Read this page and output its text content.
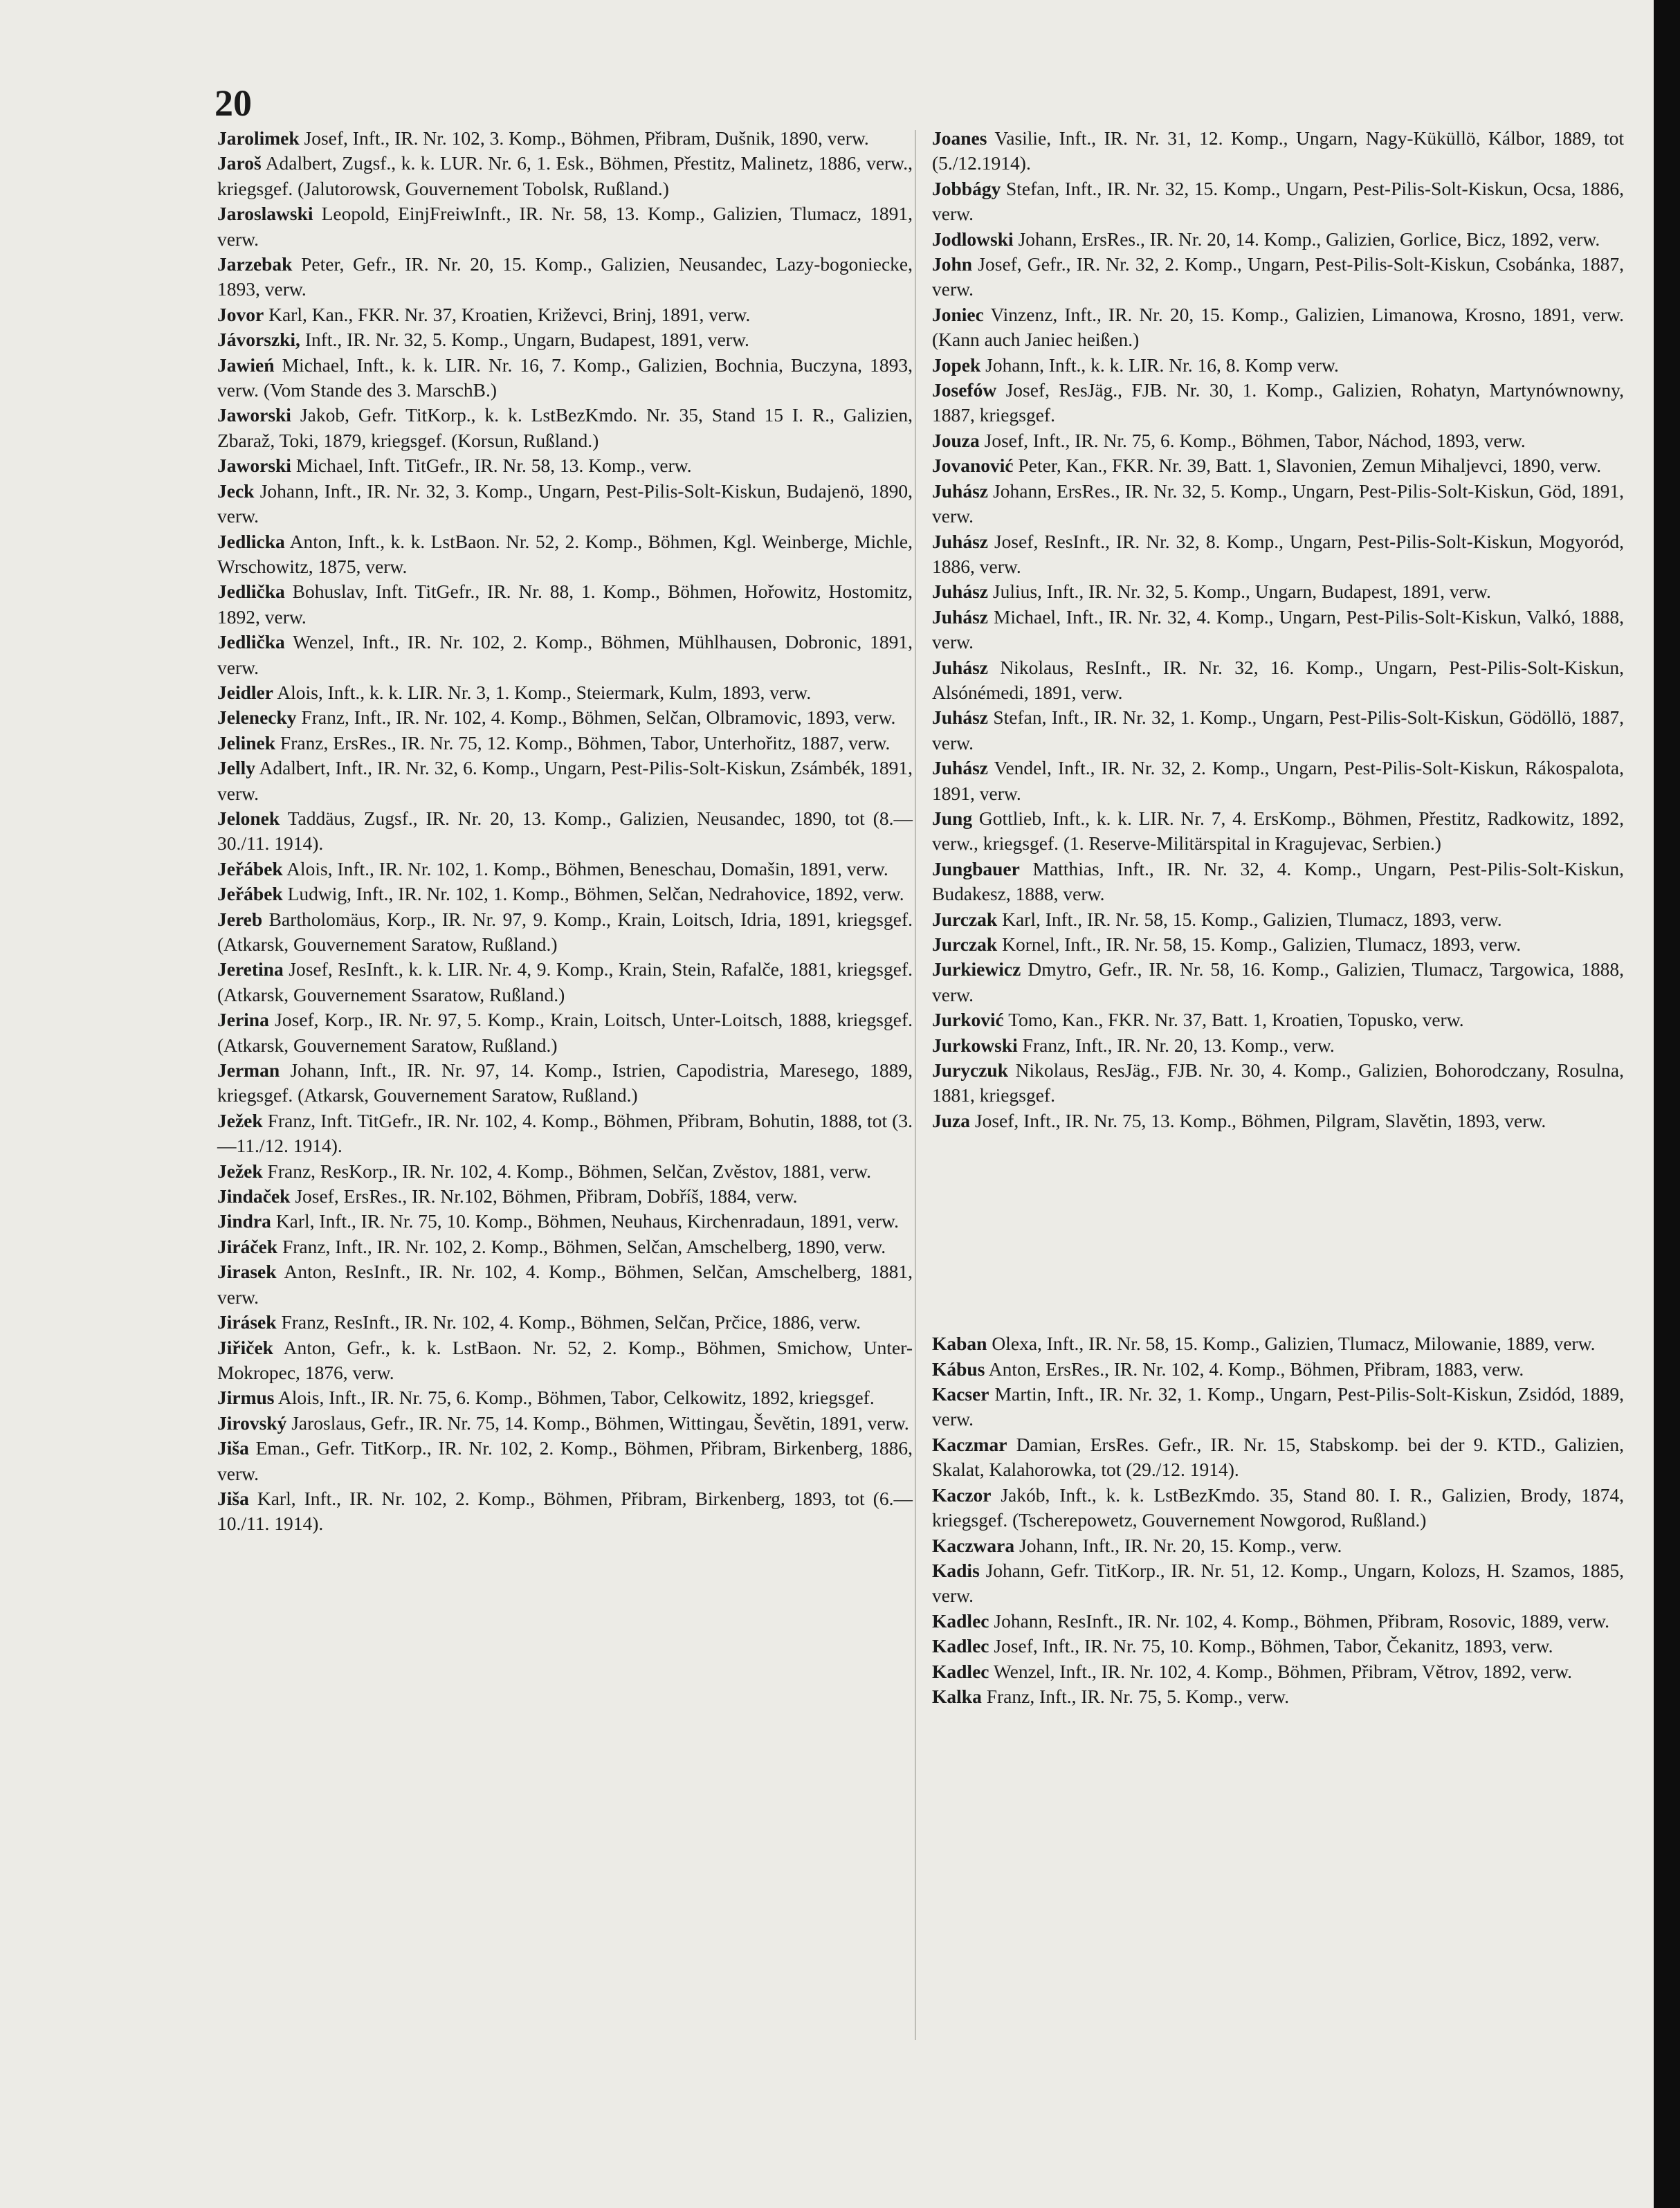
20

Jarolimek Josef, Inft., IR. Nr. 102, 3. Komp., Böhmen, Přibram, Dušnik, 1890, verw.

Jaroš Adalbert, Zugsf., k. k. LUR. Nr. 6, 1. Esk., Böhmen, Přestitz, Malinetz, 1886, verw., kriegsgef. (Jalutorowsk, Gouvernement Tobolsk, Rußland.)

Jaroslawski Leopold, EinjFreiwInft., IR. Nr. 58, 13. Komp., Galizien, Tlumacz, 1891, verw.

Jarzebak Peter, Gefr., IR. Nr. 20, 15. Komp., Galizien, Neusandec, Lazy-bogoniecke, 1893, verw.

Jovor Karl, Kan., FKR. Nr. 37, Kroatien, Križevci, Brinj, 1891, verw.

Jávorszki, Inft., IR. Nr. 32, 5. Komp., Ungarn, Budapest, 1891, verw.

Jawień Michael, Inft., k. k. LIR. Nr. 16, 7. Komp., Galizien, Bochnia, Buczyna, 1893, verw. (Vom Stande des 3. MarschB.)

Jaworski Jakob, Gefr. TitKorp., k. k. LstBezKmdo. Nr. 35, Stand 15 I. R., Galizien, Zbaraž, Toki, 1879, kriegsgef. (Korsun, Rußland.)

Jaworski Michael, Inft. TitGefr., IR. Nr. 58, 13. Komp., verw.

Jeck Johann, Inft., IR. Nr. 32, 3. Komp., Ungarn, Pest-Pilis-Solt-Kiskun, Budajenö, 1890, verw.

Jedlicka Anton, Inft., k. k. LstBaon. Nr. 52, 2. Komp., Böhmen, Kgl. Weinberge, Michle, Wrschowitz, 1875, verw.

Jedlička Bohuslav, Inft. TitGefr., IR. Nr. 88, 1. Komp., Böhmen, Hořowitz, Hostomitz, 1892, verw.

Jedlička Wenzel, Inft., IR. Nr. 102, 2. Komp., Böhmen, Mühlhausen, Dobronic, 1891, verw.

Jeidler Alois, Inft., k. k. LIR. Nr. 3, 1. Komp., Steiermark, Kulm, 1893, verw.

Jelenecky Franz, Inft., IR. Nr. 102, 4. Komp., Böhmen, Selčan, Olbramovic, 1893, verw.

Jelinek Franz, ErsRes., IR. Nr. 75, 12. Komp., Böhmen, Tabor, Unterhořitz, 1887, verw.

Jelly Adalbert, Inft., IR. Nr. 32, 6. Komp., Ungarn, Pest-Pilis-Solt-Kiskun, Zsámbék, 1891, verw.

Jelonek Taddäus, Zugsf., IR. Nr. 20, 13. Komp., Galizien, Neusandec, 1890, tot (8.—30./11. 1914).

Jeřábek Alois, Inft., IR. Nr. 102, 1. Komp., Böhmen, Beneschau, Domašin, 1891, verw.

Jeřábek Ludwig, Inft., IR. Nr. 102, 1. Komp., Böhmen, Selčan, Nedrahovice, 1892, verw.

Jereb Bartholomäus, Korp., IR. Nr. 97, 9. Komp., Krain, Loitsch, Idria, 1891, kriegsgef. (Atkarsk, Gouvernement Saratow, Rußland.)

Jeretina Josef, ResInft., k. k. LIR. Nr. 4, 9. Komp., Krain, Stein, Rafalče, 1881, kriegsgef. (Atkarsk, Gouvernement Ssaratow, Rußland.)

Jerina Josef, Korp., IR. Nr. 97, 5. Komp., Krain, Loitsch, Unter-Loitsch, 1888, kriegsgef. (Atkarsk, Gouvernement Saratow, Rußland.)

Jerman Johann, Inft., IR. Nr. 97, 14. Komp., Istrien, Capodistria, Maresego, 1889, kriegsgef. (Atkarsk, Gouvernement Saratow, Rußland.)

Ježek Franz, Inft. TitGefr., IR. Nr. 102, 4. Komp., Böhmen, Přibram, Bohutin, 1888, tot (3.—11./12. 1914).

Ježek Franz, ResKorp., IR. Nr. 102, 4. Komp., Böhmen, Selčan, Zvěstov, 1881, verw.

Jindaček Josef, ErsRes., IR. Nr.102, Böhmen, Přibram, Dobříš, 1884, verw.

Jindra Karl, Inft., IR. Nr. 75, 10. Komp., Böhmen, Neuhaus, Kirchenradaun, 1891, verw.

Jiráček Franz, Inft., IR. Nr. 102, 2. Komp., Böhmen, Selčan, Amschelberg, 1890, verw.

Jirasek Anton, ResInft., IR. Nr. 102, 4. Komp., Böhmen, Selčan, Amschelberg, 1881, verw.

Jirásek Franz, ResInft., IR. Nr. 102, 4. Komp., Böhmen, Selčan, Prčice, 1886, verw.

Jiřiček Anton, Gefr., k. k. LstBaon. Nr. 52, 2. Komp., Böhmen, Smichow, Unter-Mokropec, 1876, verw.

Jirmus Alois, Inft., IR. Nr. 75, 6. Komp., Böhmen, Tabor, Celkowitz, 1892, kriegsgef.

Jirovský Jaroslaus, Gefr., IR. Nr. 75, 14. Komp., Böhmen, Wittingau, Ševětin, 1891, verw.

Jiša Eman., Gefr. TitKorp., IR. Nr. 102, 2. Komp., Böhmen, Přibram, Birkenberg, 1886, verw.

Jiša Karl, Inft., IR. Nr. 102, 2. Komp., Böhmen, Přibram, Birkenberg, 1893, tot (6.—10./11. 1914).

Joanes Vasilie, Inft., IR. Nr. 31, 12. Komp., Ungarn, Nagy-Küküllö, Kálbor, 1889, tot (5./12.1914).

Jobbágy Stefan, Inft., IR. Nr. 32, 15. Komp., Ungarn, Pest-Pilis-Solt-Kiskun, Ocsa, 1886, verw.

Jodlowski Johann, ErsRes., IR. Nr. 20, 14. Komp., Galizien, Gorlice, Bicz, 1892, verw.

John Josef, Gefr., IR. Nr. 32, 2. Komp., Ungarn, Pest-Pilis-Solt-Kiskun, Csobánka, 1887, verw.

Joniec Vinzenz, Inft., IR. Nr. 20, 15. Komp., Galizien, Limanowa, Krosno, 1891, verw. (Kann auch Janiec heißen.)

Jopek Johann, Inft., k. k. LIR. Nr. 16, 8. Komp verw.

Josefów Josef, ResJäg., FJB. Nr. 30, 1. Komp., Galizien, Rohatyn, Martynównowny, 1887, kriegsgef.

Jouza Josef, Inft., IR. Nr. 75, 6. Komp., Böhmen, Tabor, Náchod, 1893, verw.

Jovanović Peter, Kan., FKR. Nr. 39, Batt. 1, Slavonien, Zemun Mihaljevci, 1890, verw.

Juhász Johann, ErsRes., IR. Nr. 32, 5. Komp., Ungarn, Pest-Pilis-Solt-Kiskun, Göd, 1891, verw.

Juhász Josef, ResInft., IR. Nr. 32, 8. Komp., Ungarn, Pest-Pilis-Solt-Kiskun, Mogyoród, 1886, verw.

Juhász Julius, Inft., IR. Nr. 32, 5. Komp., Ungarn, Budapest, 1891, verw.

Juhász Michael, Inft., IR. Nr. 32, 4. Komp., Ungarn, Pest-Pilis-Solt-Kiskun, Valkó, 1888, verw.

Juhász Nikolaus, ResInft., IR. Nr. 32, 16. Komp., Ungarn, Pest-Pilis-Solt-Kiskun, Alsónémedi, 1891, verw.

Juhász Stefan, Inft., IR. Nr. 32, 1. Komp., Ungarn, Pest-Pilis-Solt-Kiskun, Gödöllö, 1887, verw.

Juhász Vendel, Inft., IR. Nr. 32, 2. Komp., Ungarn, Pest-Pilis-Solt-Kiskun, Rákospalota, 1891, verw.

Jung Gottlieb, Inft., k. k. LIR. Nr. 7, 4. ErsKomp., Böhmen, Přestitz, Radkowitz, 1892, verw., kriegsgef. (1. Reserve-Militärspital in Kragujevac, Serbien.)

Jungbauer Matthias, Inft., IR. Nr. 32, 4. Komp., Ungarn, Pest-Pilis-Solt-Kiskun, Budakesz, 1888, verw.

Jurczak Karl, Inft., IR. Nr. 58, 15. Komp., Galizien, Tlumacz, 1893, verw.

Jurczak Kornel, Inft., IR. Nr. 58, 15. Komp., Galizien, Tlumacz, 1893, verw.

Jurkiewicz Dmytro, Gefr., IR. Nr. 58, 16. Komp., Galizien, Tlumacz, Targowica, 1888, verw.

Jurković Tomo, Kan., FKR. Nr. 37, Batt. 1, Kroatien, Topusko, verw.

Jurkowski Franz, Inft., IR. Nr. 20, 13. Komp., verw.

Juryczuk Nikolaus, ResJäg., FJB. Nr. 30, 4. Komp., Galizien, Bohorodczany, Rosulna, 1881, kriegsgef.

Juza Josef, Inft., IR. Nr. 75, 13. Komp., Böhmen, Pilgram, Slavětin, 1893, verw.

Kaban Olexa, Inft., IR. Nr. 58, 15. Komp., Galizien, Tlumacz, Milowanie, 1889, verw.

Kábus Anton, ErsRes., IR. Nr. 102, 4. Komp., Böhmen, Přibram, 1883, verw.

Kacser Martin, Inft., IR. Nr. 32, 1. Komp., Ungarn, Pest-Pilis-Solt-Kiskun, Zsidód, 1889, verw.

Kaczmar Damian, ErsRes. Gefr., IR. Nr. 15, Stabskomp. bei der 9. KTD., Galizien, Skalat, Kalahorowka, tot (29./12. 1914).

Kaczor Jakób, Inft., k. k. LstBezKmdo. 35, Stand 80. I. R., Galizien, Brody, 1874, kriegsgef. (Tscherepowetz, Gouvernement Nowgorod, Rußland.)

Kaczwara Johann, Inft., IR. Nr. 20, 15. Komp., verw.

Kadis Johann, Gefr. TitKorp., IR. Nr. 51, 12. Komp., Ungarn, Kolozs, H. Szamos, 1885, verw.

Kadlec Johann, ResInft., IR. Nr. 102, 4. Komp., Böhmen, Přibram, Rosovic, 1889, verw.

Kadlec Josef, Inft., IR. Nr. 75, 10. Komp., Böhmen, Tabor, Čekanitz, 1893, verw.

Kadlec Wenzel, Inft., IR. Nr. 102, 4. Komp., Böhmen, Přibram, Větrov, 1892, verw.

Kalka Franz, Inft., IR. Nr. 75, 5. Komp., verw.
